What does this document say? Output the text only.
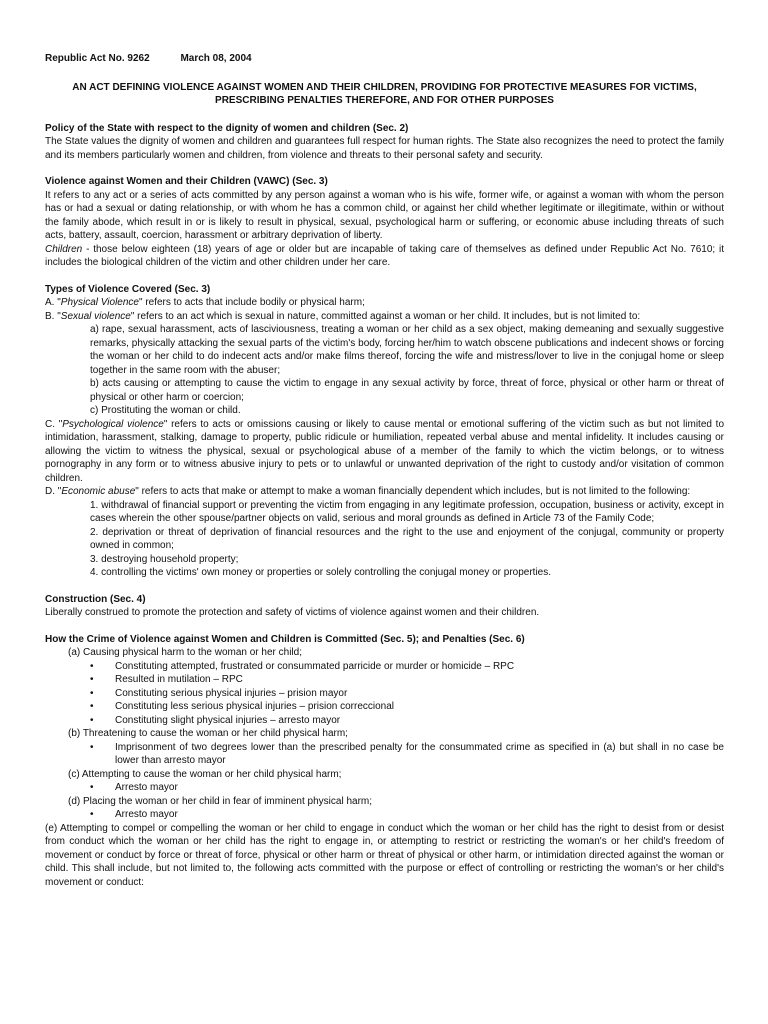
Republic Act No. 9262	March 08, 2004
AN ACT DEFINING VIOLENCE AGAINST WOMEN AND THEIR CHILDREN, PROVIDING FOR PROTECTIVE MEASURES FOR VICTIMS, PRESCRIBING PENALTIES THEREFORE, AND FOR OTHER PURPOSES

Policy of the State with respect to the dignity of women and children (Sec. 2)

The State values the dignity of women and children and guarantees full respect for human rights. The State also recognizes the need to protect the family and its members particularly women and children, from violence and threats to their personal safety and security.

Violence against Women and their Children (VAWC) (Sec. 3)

It refers to any act or a series of acts committed by any person against a woman who is his wife, former wife, or against a woman with whom the person has or had a sexual or dating relationship, or with whom he has a common child, or against her child whether legitimate or illegitimate, within or without the family abode, which result in or is likely to result in physical, sexual, psychological harm or suffering, or economic abuse including threats of such acts, battery, assault, coercion, harassment or arbitrary deprivation of liberty.

Children - those below eighteen (18) years of age or older but are incapable of taking care of themselves as defined under Republic Act No. 7610; it includes the biological children of the victim and other children under her care.

Types of Violence Covered (Sec. 3)

A. "Physical Violence" refers to acts that include bodily or physical harm;

B. "Sexual violence" refers to an act which is sexual in nature, committed against a woman or her child. It includes, but is not limited to:

a) rape, sexual harassment, acts of lasciviousness, treating a woman or her child as a sex object, making demeaning and sexually suggestive remarks, physically attacking the sexual parts of the victim's body, forcing her/him to watch obscene publications and indecent shows or forcing the woman or her child to do indecent acts and/or make films thereof, forcing the wife and mistress/lover to live in the conjugal home or sleep together in the same room with the abuser;

b) acts causing or attempting to cause the victim to engage in any sexual activity by force, threat of force, physical or other harm or threat of physical or other harm or coercion;

c) Prostituting the woman or child.

C. "Psychological violence" refers to acts or omissions causing or likely to cause mental or emotional suffering of the victim such as but not limited to intimidation, harassment, stalking, damage to property, public ridicule or humiliation, repeated verbal abuse and mental infidelity. It includes causing or allowing the victim to witness the physical, sexual or psychological abuse of a member of the family to which the victim belongs, or to witness pornography in any form or to witness abusive injury to pets or to unlawful or unwanted deprivation of the right to custody and/or visitation of common children.

D. "Economic abuse" refers to acts that make or attempt to make a woman financially dependent which includes, but is not limited to the following:

1. withdrawal of financial support or preventing the victim from engaging in any legitimate profession, occupation, business or activity, except in cases wherein the other spouse/partner objects on valid, serious and moral grounds as defined in Article 73 of the Family Code;

2. deprivation or threat of deprivation of financial resources and the right to the use and enjoyment of the conjugal, community or property owned in common;

3. destroying household property;

4. controlling the victims' own money or properties or solely controlling the conjugal money or properties.

Construction (Sec. 4)

Liberally construed to promote the protection and safety of victims of violence against women and their children.

How the Crime of Violence against Women and Children is Committed (Sec. 5); and Penalties (Sec. 6)

(a) Causing physical harm to the woman or her child;

• Constituting attempted, frustrated or consummated parricide or murder or homicide – RPC
• Resulted in mutilation – RPC
• Constituting serious physical injuries – prision mayor
• Constituting less serious physical injuries – prision correccional
• Constituting slight physical injuries – arresto mayor

(b) Threatening to cause the woman or her child physical harm;

• Imprisonment of two degrees lower than the prescribed penalty for the consummated crime as specified in (a) but shall in no case be lower than arresto mayor

(c) Attempting to cause the woman or her child physical harm;

• Arresto mayor

(d) Placing the woman or her child in fear of imminent physical harm;

• Arresto mayor

(e) Attempting to compel or compelling the woman or her child to engage in conduct which the woman or her child has the right to desist from or desist from conduct which the woman or her child has the right to engage in, or attempting to restrict or restricting the woman's or her child's freedom of movement or conduct by force or threat of force, physical or other harm or threat of physical or other harm, or intimidation directed against the woman or child. This shall include, but not limited to, the following acts committed with the purpose or effect of controlling or restricting the woman's or her child's movement or conduct:
